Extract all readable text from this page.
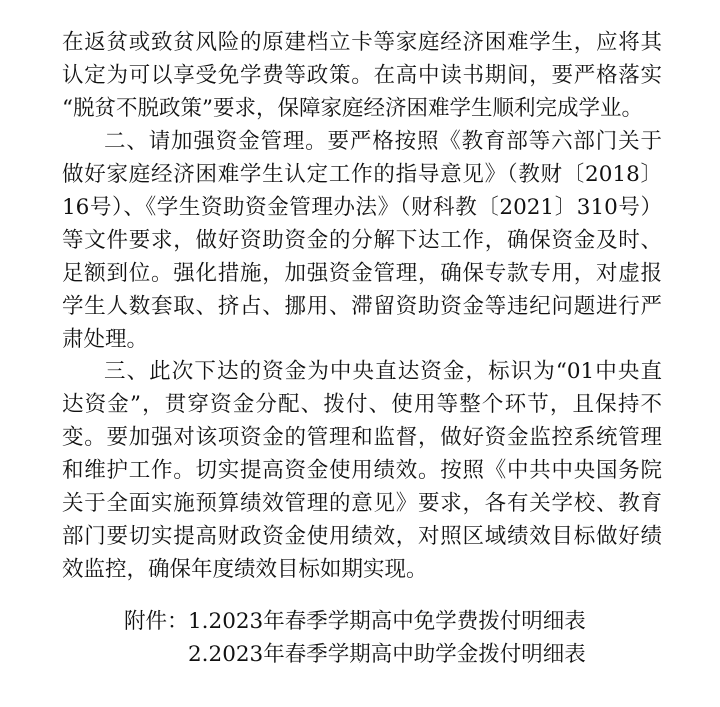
在返贫或致贫风险的原建档立卡等家庭经济困难学生，应将其
认定为可以享受免学费等政策。在高中读书期间，要严格落实
“脱贫不脱政策”要求，保障家庭经济困难学生顺利完成学业。
二、请加强资金管理。要严格按照《教育部等六部门关于
做好家庭经济困难学生认定工作的指导意见》（教财〔2018〕
16号）、《学生资助资金管理办法》（财科教〔2021〕310号）
等文件要求，做好资助资金的分解下达工作，确保资金及时、
足额到位。强化措施，加强资金管理，确保专款专用，对虚报
学生人数套取、挤占、挪用、滞留资助资金等违纪问题进行严
肃处理。
三、此次下达的资金为中央直达资金，标识为“01中央直
达资金”，贯穿资金分配、拨付、使用等整个环节，且保持不
变。要加强对该项资金的管理和监督，做好资金监控系统管理
和维护工作。切实提高资金使用绩效。按照《中共中央国务院
关于全面实施预算绩效管理的意见》要求，各有关学校、教育
部门要切实提高财政资金使用绩效，对照区域绩效目标做好绩
效监控，确保年度绩效目标如期实现。
附件： 1.2023年春季学期高中免学费拨付明细表
2.2023年春季学期高中助学金拨付明细表
